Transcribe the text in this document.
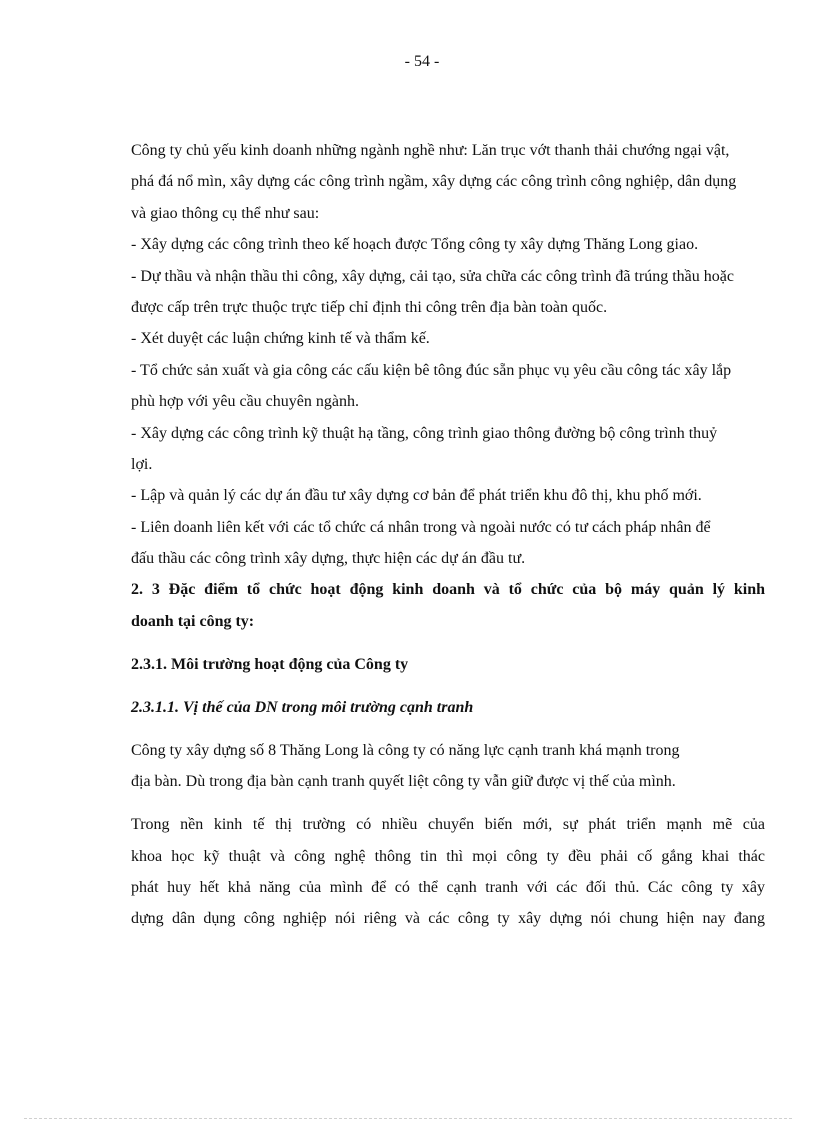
- 54 -
Công ty chủ yếu kinh doanh những ngành nghề như: Lăn trục vớt thanh thải chướng ngại vật,
phá đá nổ mìn, xây dựng các công trình ngầm, xây dựng các công trình công nghiệp, dân dụng
và giao thông cụ thể như sau:
- Xây dựng các công trình theo kế hoạch được Tổng công ty xây dựng Thăng Long giao.
- Dự thầu và nhận thầu thi công, xây dựng, cải tạo, sửa chữa các công trình đã trúng thầu hoặc
được cấp trên trực thuộc trực tiếp chỉ định thi công trên địa bàn toàn quốc.
- Xét duyệt các luận chứng kinh tế và thẩm kế.
- Tổ chức sản xuất và gia công các cấu kiện bê tông đúc sẵn phục vụ yêu cầu công tác xây lắp
phù hợp với yêu cầu chuyên ngành.
- Xây dựng các công trình kỹ thuật hạ tầng, công trình giao thông đường bộ công trình thuỷ
lợi.
- Lập và quản lý các dự án đầu tư xây dựng cơ bản để phát triển khu đô thị, khu phố mới.
- Liên doanh liên kết với các tổ chức cá nhân trong và ngoài nước có tư cách pháp nhân để
đấu thầu các công trình xây dựng, thực hiện các dự án đầu tư.
2. 3 Đặc điểm tổ chức hoạt động kinh doanh và tổ chức của bộ máy quản lý kinh
doanh tại công ty:
2.3.1. Môi trường hoạt động của Công ty
2.3.1.1. Vị thế của DN trong môi trường cạnh tranh
Công ty xây dựng số 8 Thăng Long là công ty có năng lực cạnh tranh khá mạnh trong
địa bàn. Dù trong địa bàn cạnh tranh quyết liệt công ty vẫn giữ được vị thế của mình.
Trong nền kinh tế thị trường có nhiều chuyển biến mới, sự phát triển mạnh mẽ của
khoa học kỹ thuật và công nghệ thông tin thì mọi công ty đều phải cố gắng khai thác
phát huy hết khả năng của mình để có thể cạnh tranh với các đối thủ. Các công ty xây
dựng dân dụng công nghiệp nói riêng và các công ty xây dựng nói chung hiện nay đang
